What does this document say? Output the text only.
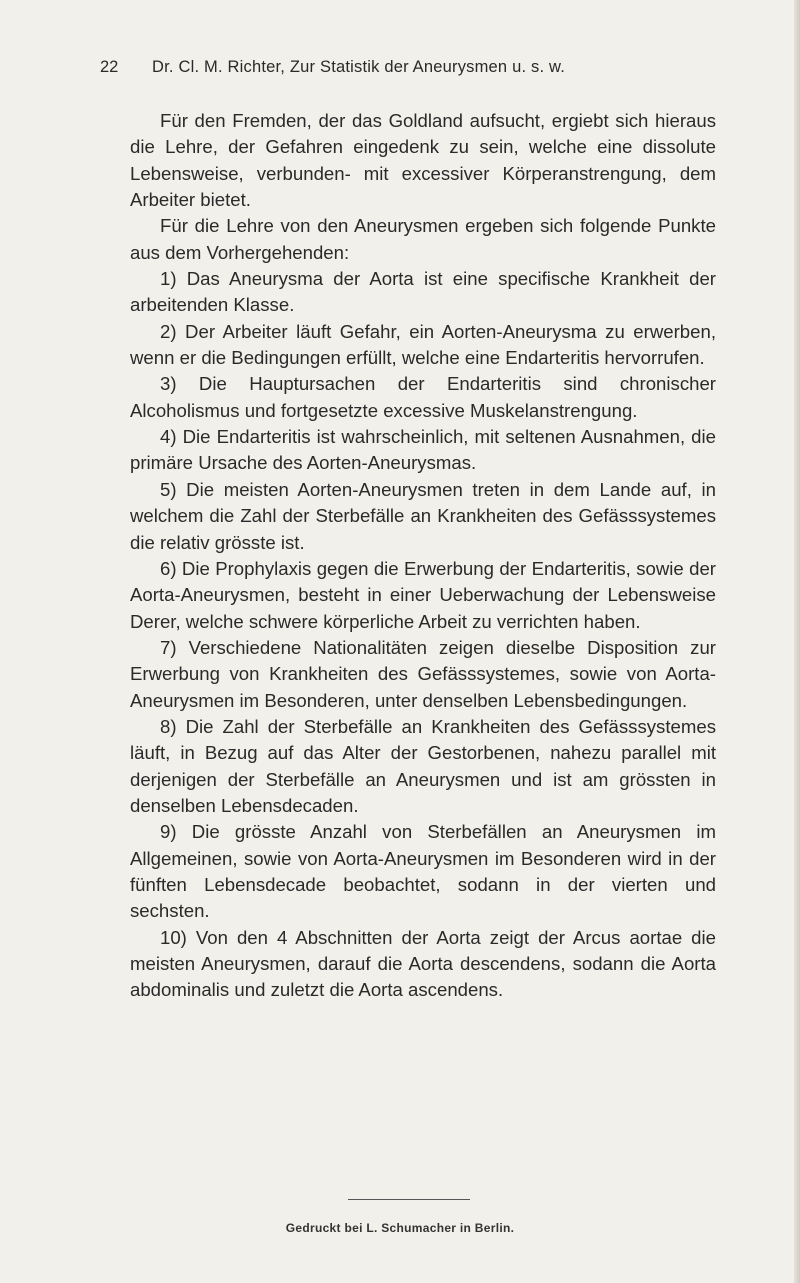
22 Dr. Cl. M. Richter, Zur Statistik der Aneurysmen u. s. w.

Für den Fremden, der das Goldland aufsucht, ergiebt sich hieraus die Lehre, der Gefahren eingedenk zu sein, welche eine dissolute Lebensweise, verbunden- mit excessiver Körperanstrengung, dem Arbeiter bietet.

Für die Lehre von den Aneurysmen ergeben sich folgende Punkte aus dem Vorhergehenden:

1) Das Aneurysma der Aorta ist eine specifische Krankheit der arbeitenden Klasse.

2) Der Arbeiter läuft Gefahr, ein Aorten-Aneurysma zu erwerben, wenn er die Bedingungen erfüllt, welche eine Endarteritis hervorrufen.

3) Die Hauptursachen der Endarteritis sind chronischer Alcoholismus und fortgesetzte excessive Muskelanstrengung.

4) Die Endarteritis ist wahrscheinlich, mit seltenen Ausnahmen, die primäre Ursache des Aorten-Aneurysmas.

5) Die meisten Aorten-Aneurysmen treten in dem Lande auf, in welchem die Zahl der Sterbefälle an Krankheiten des Gefässsystemes die relativ grösste ist.

6) Die Prophylaxis gegen die Erwerbung der Endarteritis, sowie der Aorta-Aneurysmen, besteht in einer Ueberwachung der Lebensweise Derer, welche schwere körperliche Arbeit zu verrichten haben.

7) Verschiedene Nationalitäten zeigen dieselbe Disposition zur Erwerbung von Krankheiten des Gefässsystemes, sowie von Aorta-Aneurysmen im Besonderen, unter denselben Lebensbedingungen.

8) Die Zahl der Sterbefälle an Krankheiten des Gefässsystemes läuft, in Bezug auf das Alter der Gestorbenen, nahezu parallel mit derjenigen der Sterbefälle an Aneurysmen und ist am grössten in denselben Lebensdecaden.

9) Die grösste Anzahl von Sterbefällen an Aneurysmen im Allgemeinen, sowie von Aorta-Aneurysmen im Besonderen wird in der fünften Lebensdecade beobachtet, sodann in der vierten und sechsten.

10) Von den 4 Abschnitten der Aorta zeigt der Arcus aortae die meisten Aneurysmen, darauf die Aorta descendens, sodann die Aorta abdominalis und zuletzt die Aorta ascendens.

Gedruckt bei L. Schumacher in Berlin.
